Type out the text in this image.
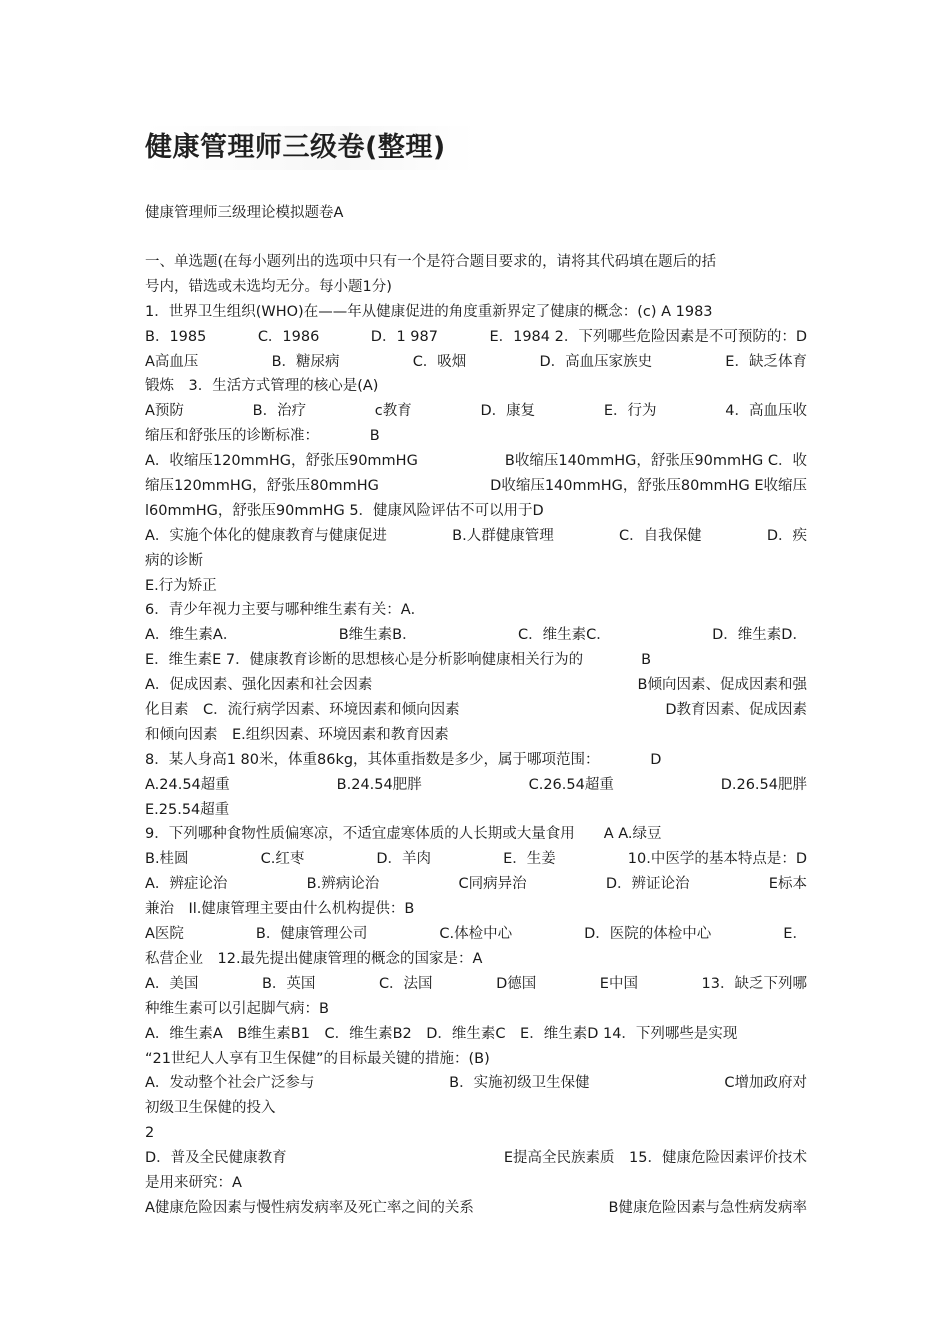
健康管理师三级卷(整理)
健康管理师三级理论模拟题卷A
一、单选题(在每小题列出的选项中只有一个是符合题目要求的，请将其代码填在题后的括
号内，错选或未选均无分。每小题1分)
1．世界卫生组织(WHO)在——年从健康促进的角度重新界定了健康的概念：(c) A 1983
B．1985	C．1986	D．1 987	E．1984 2．下列哪些危险因素是不可预防的：D
A高血压	B．糖尿病	C．吸烟	D．高血压家族史	E．缺乏体育
锻炼　3．生活方式管理的核心是(A)
A预防	B．治疗	c教育	D．康复	E．行为	4．高血压收
缩压和舒张压的诊断标准：　　　　B
A．收缩压120mmHG，舒张压90mmHG	B收缩压140mmHG，舒张压90mmHG C．收
缩压120mmHG，舒张压80mmHG	D收缩压140mmHG，舒张压80mmHG E收缩压
l60mmHG，舒张压90mmHG 5．健康风险评估不可以用于D
A．实施个体化的健康教育与健康促进	B.人群健康管理	C．自我保健	D．疾
病的诊断
E.行为矫正
6．青少年视力主要与哪种维生素有关：A．
A．维生素A．	B维生素B．	C．维生素C．	D．维生素D．
E．维生素E 7．健康教育诊断的思想核心是分析影响健康相关行为的　　　　B
A．促成因素、强化因素和社会因素	B倾向因素、促成因素和强
化目素　C．流行病学因素、环境因素和倾向因素	D教育因素、促成因素
和倾向因素　E.组织因素、环境因素和教育因素
8．某人身高1 80米，体重86kg，其体重指数是多少，属于哪项范围：　　　　D
A.24.54超重	B.24.54肥胖	C.26.54超重	D.26.54肥胖
E.25.54超重
9．下列哪种食物性质偏寒凉，不适宜虚寒体质的人长期或大量食用　　A A.绿豆
B.桂圆	C.红枣	D．羊肉	E．生姜	10.中医学的基本特点是：D
A．辨症论治	B.辨病论治	C同病异治	D．辨证论治	E标本
兼治　Il.健康管理主要由什么机构提供：B
A医院	B．健康管理公司	C.体检中心	D．医院的体检中心	E．
私营企业　12.最先提出健康管理的概念的国家是：A
A．美国	B．英国	C．法国	D德国	E中国	13．缺乏下列哪
种维生素可以引起脚气病：B
A．维生素A　B维生素B1　C．维生素B2　D．维生素C　E．维生素D 14．下列哪些是实现
“21世纪人人享有卫生保健”的目标最关键的措施：(B)
A．发动整个社会广泛参与	B．实施初级卫生保健	C增加政府对
初级卫生保健的投入
2
D．普及全民健康教育	E提高全民族素质　15．健康危险因素评价技术
是用来研究：A
A健康危险因素与慢性病发病率及死亡率之间的关系	B健康危险因素与急性病发病率
